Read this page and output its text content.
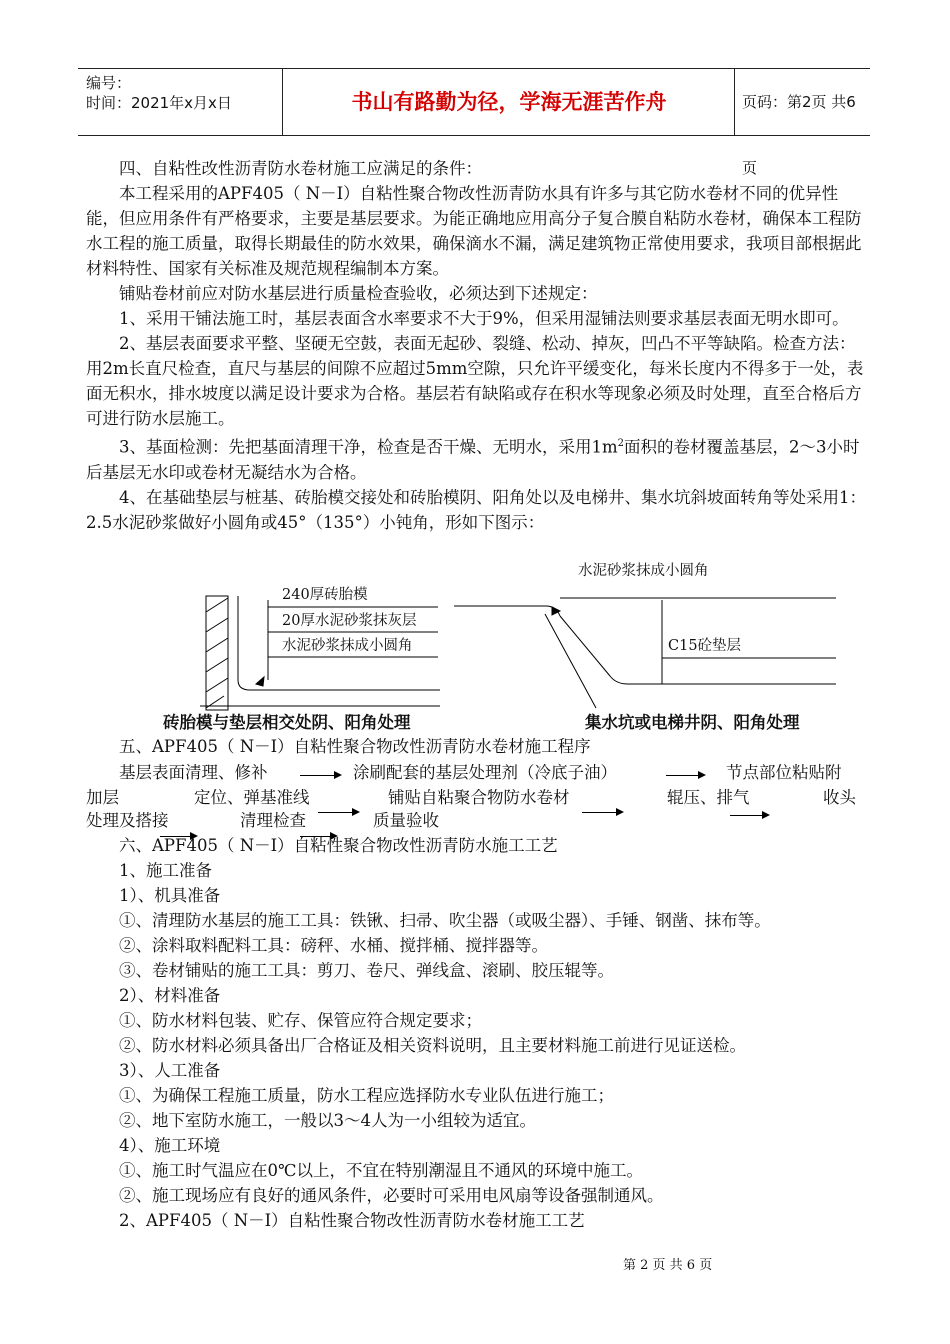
编号：
时间：2021年x月x日	书山有路勤为径，学海无涯苦作舟	页码：第2页 共6页

四、自粘性改性沥青防水卷材施工应满足的条件：

本工程采用的APF405（ N－Ⅰ）自粘性聚合物改性沥青防水具有许多与其它防水卷材不同的优异性能，但应用条件有严格要求，主要是基层要求。为能正确地应用高分子复合膜自粘防水卷材，确保本工程防水工程的施工质量，取得长期最佳的防水效果，确保滴水不漏，满足建筑物正常使用要求，我项目部根据此材料特性、国家有关标准及规范规程编制本方案。

铺贴卷材前应对防水基层进行质量检查验收，必须达到下述规定：

1、采用干铺法施工时，基层表面含水率要求不大于9%，但采用湿铺法则要求基层表面无明水即可。

2、基层表面要求平整、坚硬无空鼓，表面无起砂、裂缝、松动、掉灰，凹凸不平等缺陷。检查方法：用2m长直尺检查，直尺与基层的间隙不应超过5mm空隙，只允许平缓变化，每米长度内不得多于一处，表面无积水，排水坡度以满足设计要求为合格。基层若有缺陷或存在积水等现象必须及时处理，直至合格后方可进行防水层施工。

3、基面检测：先把基面清理干净，检查是否干燥、无明水，采用$1m^2$面积的卷材覆盖基层，2～3小时后基层无水印或卷材无凝结水为合格。

4、在基础垫层与桩基、砖胎模交接处和砖胎模阴、阳角处以及电梯井、集水坑斜坡面转角等处采用1：2.5水泥砂浆做好小圆角或45°（135°）小钝角，形如下图示：

240厚砖胎模
20厚水泥砂浆抹灰层
水泥砂浆抹成小圆角
水泥砂浆抹成小圆角
C15砼垫层
砖胎模与垫层相交处阴、阳角处理	集水坑或电梯井阴、阳角处理
五、APF405（ N－Ⅰ）自粘性聚合物改性沥青防水卷材施工程序
基层表面清理、修补	涂刷配套的基层处理剂（冷底子油）	节点部位粘贴附
加层	定位、弹基准线	铺贴自粘聚合物防水卷材	辊压、排气	收头
处理及搭接	清理检查	质量验收

六、APF405（ N－Ⅰ）自粘性聚合物改性沥青防水施工工艺

1、施工准备

1）、机具准备

①、清理防水基层的施工工具：铁锹、扫帚、吹尘器（或吸尘器）、手锤、钢凿、抹布等。

②、涂料取料配料工具：磅秤、水桶、搅拌桶、搅拌器等。

③、卷材铺贴的施工工具：剪刀、卷尺、弹线盒、滚刷、胶压辊等。

2）、材料准备

①、防水材料包装、贮存、保管应符合规定要求；

②、防水材料必须具备出厂合格证及相关资料说明，且主要材料施工前进行见证送检。

3）、人工准备

①、为确保工程施工质量，防水工程应选择防水专业队伍进行施工；

②、地下室防水施工，一般以3～4人为一小组较为适宜。

4）、施工环境

①、施工时气温应在0℃以上，不宜在特别潮湿且不通风的环境中施工。

②、施工现场应有良好的通风条件，必要时可采用电风扇等设备强制通风。

2、APF405（ N－Ⅰ）自粘性聚合物改性沥青防水卷材施工工艺

第 2 页 共 6 页
